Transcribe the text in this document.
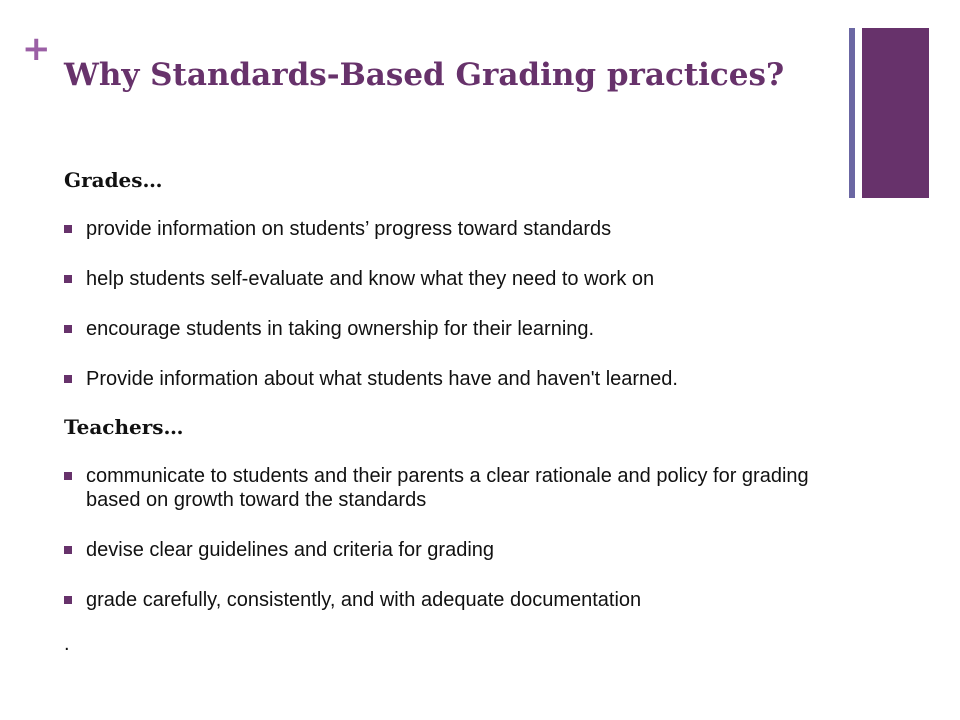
+
Why Standards-Based Grading practices?

Grades…

provide information on students’ progress toward standards
help students self-evaluate and know what they need to work on
encourage students in taking ownership for their learning.
Provide information about what students have and haven't learned.

Teachers…

communicate to students and their parents a clear rationale and policy for grading based on growth toward the standards
devise clear guidelines and criteria for grading
grade carefully, consistently, and with adequate documentation
.
